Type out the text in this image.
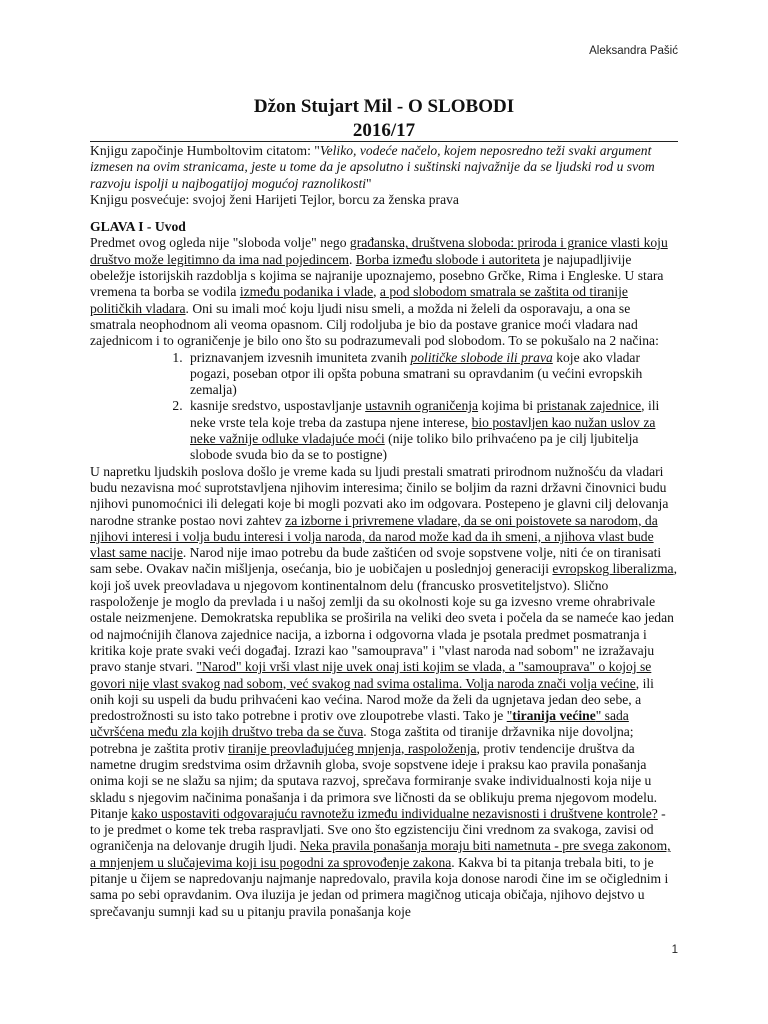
Aleksandra Pašić
Džon Stujart Mil - O SLOBODI
2016/17

Knjigu započinje Humboltovim citatom: "Veliko, vodeće načelo, kojem neposredno teži svaki argument izmesen na ovim stranicama, jeste u tome da je apsolutno i suštinski najvažnije da se ljudski rod u svom razvoju ispolji u najbogatijoj mogućoj raznolikosti"

Knjigu posvećuje: svojoj ženi Harijeti Tejlor, borcu za ženska prava

GLAVA I - Uvod

Predmet ovog ogleda nije "sloboda volje" nego građanska, društvena sloboda: priroda i granice vlasti koju društvo može legitimno da ima nad pojedincem. Borba između slobode i autoriteta je najupadljivije obeležje istorijskih razdoblja s kojima se najranije upoznajemo, posebno Grčke, Rima i Engleske. U stara vremena ta borba se vodila između podanika i vlade, a pod slobodom smatrala se zaštita od tiranije političkih vladara. Oni su imali moć koju ljudi nisu smeli, a možda ni želeli da osporavaju, a ona se smatrala neophodnom ali veoma opasnom. Cilj rodoljuba je bio da postave granice moći vladara nad zajednicom i to ograničenje je bilo ono što su podrazumevali pod slobodom. To se pokušalo na 2 načina:

1. priznavanjem izvesnih imuniteta zvanih političke slobode ili prava koje ako vladar pogazi, poseban otpor ili opšta pobuna smatrani su opravdanim (u većini evropskih zemalja)
2. kasnije sredstvo, uspostavljanje ustavnih ograničenja kojima bi pristanak zajednice, ili neke vrste tela koje treba da zastupa njene interese, bio postavljen kao nužan uslov za neke važnije odluke vladajuće moći (nije toliko bilo prihvaćeno pa je cilj ljubitelja slobode svuda bio da se to postigne)

U napretku ljudskih poslova došlo je vreme kada su ljudi prestali smatrati prirodnom nužnošću da vladari budu nezavisna moć suprotstavljena njihovim interesima; činilo se boljim da razni državni činovnici budu njihovi punomoćnici ili delegati koje bi mogli pozvati ako im odgovara. Postepeno je glavni cilj delovanja narodne stranke postao novi zahtev za izborne i privremene vladare, da se oni poistovete sa narodom, da njihovi interesi i volja budu interesi i volja naroda, da narod može kad da ih smeni, a njihova vlast bude vlast same nacije. Narod nije imao potrebu da bude zaštićen od svoje sopstvene volje, niti će on tiranisati sam sebe. Ovakav način mišljenja, osećanja, bio je uobičajen u poslednjoj generaciji evropskog liberalizma, koji još uvek preovladava u njegovom kontinentalnom delu (francusko prosvetiteljstvo). Slično raspoloženje je moglo da prevlada i u našoj zemlji da su okolnosti koje su ga izvesno vreme ohrabrivale ostale neizmenjene. Demokratska republika se proširila na veliki deo sveta i počela da se nameće kao jedan od najmoćnijih članova zajednice nacija, a izborna i odgovorna vlada je psotala predmet posmatranja i kritika koje prate svaki veći događaj. Izrazi kao "samouprava" i "vlast naroda nad sobom" ne izražavaju pravo stanje stvari. "Narod" koji vrši vlast nije uvek onaj isti kojim se vlada, a "samouprava" o kojoj se govori nije vlast svakog nad sobom, već svakog nad svima ostalima. Volja naroda znači volja većine, ili onih koji su uspeli da budu prihvaćeni kao većina. Narod može da želi da ugnjetava jedan deo sebe, a predostrožnosti su isto tako potrebne i protiv ove zloupotrebe vlasti. Tako je "tiranija većine" sada učvršćena među zla kojih društvo treba da se čuva. Stoga zaštita od tiranije državnika nije dovoljna; potrebna je zaštita protiv tiranije preovlađujućeg mnjenja, raspoloženja, protiv tendencije društva da nametne drugim sredstvima osim državnih globa, svoje sopstvene ideje i praksu kao pravila ponašanja onima koji se ne slažu sa njim; da sputava razvoj, sprečava formiranje svake individualnosti koja nije u skladu s njegovim načinima ponašanja i da primora sve ličnosti da se oblikuju prema njegovom modelu. Pitanje kako uspostaviti odgovarajuću ravnotežu između individualne nezavisnosti i društvene kontrole? - to je predmet o kome tek treba raspravljati. Sve ono što egzistenciju čini vrednom za svakoga, zavisi od ograničenja na delovanje drugih ljudi. Neka pravila ponašanja moraju biti nametnuta - pre svega zakonom, a mnjenjem u slučajevima koji isu pogodni za sprovođenje zakona. Kakva bi ta pitanja trebala biti, to je pitanje u čijem se napredovanju najmanje napredovalo, pravila koja donose narodi čine im se očiglednim i sama po sebi opravdanim. Ova iluzija je jedan od primera magičnog uticaja običaja, njihovo dejstvo u sprečavanju sumnji kad su u pitanju pravila ponašanja koje

1
